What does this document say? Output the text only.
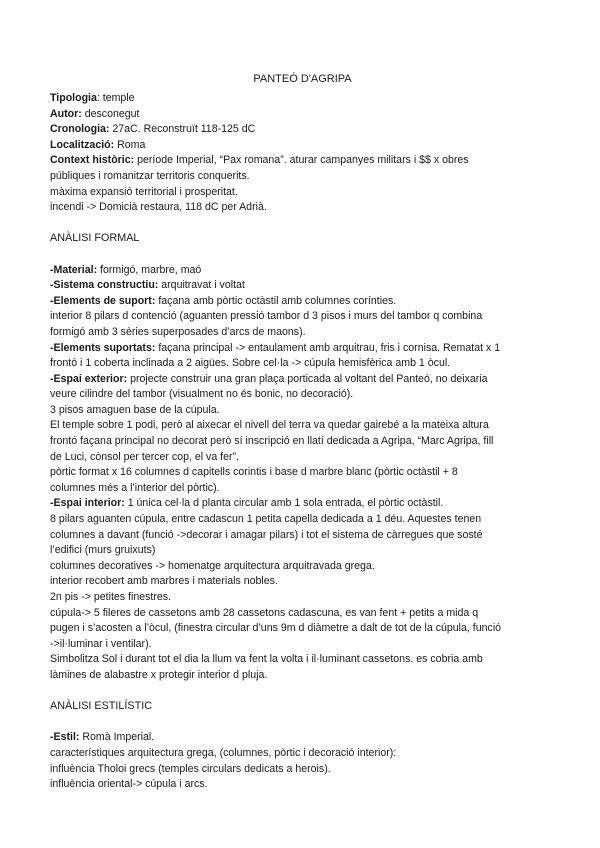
PANTEÓ D'AGRIPA
Tipologia: temple
Autor: desconegut
Cronologia: 27aC. Reconstruït 118-125 dC
Localització: Roma
Context històric: període Imperial, “Pax romana”. aturar campanyes militars i $$ x obres
públiques i romanitzar territoris conquerits.
màxima expansió territorial i prosperitat.
incendi -> Domicià restaura, 118 dC per Adrià.
ANÀLISI FORMAL
-Material: formigó, marbre, maó
-Sistema constructiu: arquitravat i voltat
-Elements de suport: façana amb pòrtic octàstil amb columnes corínties.
interior 8 pilars d contenció (aguanten pressió tambor d 3 pisos i murs del tambor q combina
formigó amb 3 sèries superposades d’arcs de maons).
-Elements suportats: façana principal -> entaulament amb arquitrau, fris i cornisa. Rematat x 1
frontó i 1 coberta inclinada a 2 aigües. Sobre cel·la -> cúpula hemisfèrica amb 1 òcul.
-Espai exterior: projecte construir una gran plaça porticada al voltant del Panteó, no deixaria
veure cilindre del tambor (visualment no és bonic, no decoració).
3 pisos amaguen base de la cúpula.
El temple sobre 1 podi, però al aixecar el nivell del terra va quedar gairebé a la mateixa altura
frontó façana principal no decorat però sí inscripció en llatí dedicada a Agripa, “Marc Agripa, fill
de Luci, cònsol per tercer cop, el va fer”.
pòrtic format x 16 columnes d capitells corintis i base d marbre blanc (pòrtic octàstil + 8
columnes més a l’interior del pòrtic).
-Espai interior: 1 única cel·la d planta circular amb 1 sola entrada, el pòrtic octàstil.
8 pilars aguanten cúpula, entre cadascun 1 petita capella dedicada a 1 déu. Aquestes tenen
columnes a davant (funció ->decorar i amagar pilars) i tot el sistema de càrregues que sosté
l’edifici (murs gruixuts)
columnes decoratives -> homenatge arquitectura arquitravada grega.
interior recobert amb marbres i materials nobles.
2n pis -> petites finestres.
cúpula-> 5 fileres de cassetons amb 28 cassetons cadascuna, es van fent + petits a mida q
pugen i s’acosten a l’òcul, (finestra circular d’uns 9m d diàmetre a dalt de tot de la cúpula, funció
->il·luminar i ventilar).
Simbolitza Sol i durant tot el dia la llum va fent la volta i il·luminant cassetons. es cobria amb
làmines de alabastre x protegir interior d pluja.
ANÀLISI ESTILÍSTIC
-Estil: Romà Imperial.
característiques arquitectura grega, (columnes, pòrtic i decoració interior):
influència Tholoi grecs (temples circulars dedicats a herois).
influència oriental-> cúpula i arcs.
